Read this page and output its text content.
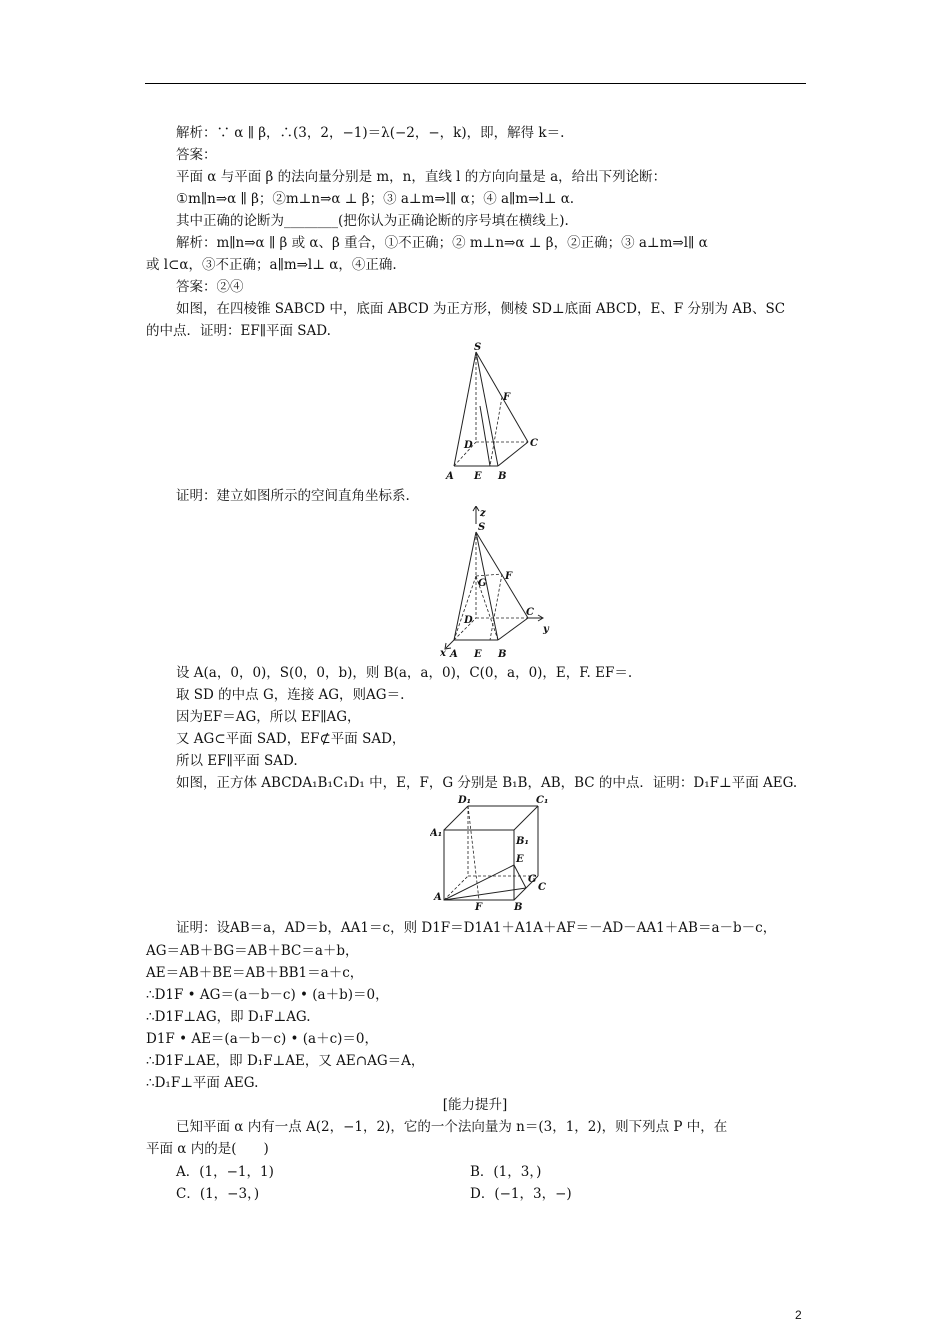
解析：∵ α ∥ β，∴(3，2，−1)＝λ(−2，−，k)，即，解得 k＝.
答案：
平面 α 与平面 β 的法向量分别是 m，n，直线 l 的方向向量是 a，给出下列论断：
①m∥n⇒α ∥ β；②m⊥n⇒α ⊥ β；③ a⊥m⇒l∥ α；④ a∥m⇒l⊥ α.
其中正确的论断为________(把你认为正确论断的序号填在横线上).
解析：m∥n⇒α ∥ β 或 α、β 重合，①不正确；② m⊥n⇒α ⊥ β，②正确；③ a⊥m⇒l∥ α
或 l⊂α，③不正确；a∥m⇒l⊥ α，④正确.
答案：②④
如图，在四棱锥 SABCD 中，底面 ABCD 为正方形，侧棱 SD⊥底面 ABCD，E、F 分别为 AB、SC
的中点．证明：EF∥平面 SAD.
S
F
D	C
A E B
证明：建立如图所示的空间直角坐标系.
z
S
G
F
C
y
D
x A E B
设 A(a，0，0)，S(0，0，b)，则 B(a，a，0)，C(0，a，0)，E，F. EF＝.
取 SD 的中点 G，连接 AG，则AG＝.
因为EF＝AG，所以 EF∥AG，
又 AG⊂平面 SAD，EF⊄平面 SAD，
所以 EF∥平面 SAD.
如图，正方体 ABCDA₁B₁C₁D₁ 中，E，F，G 分别是 B₁B，AB，BC 的中点．证明：D₁F⊥平面 AEG.
D₁	C₁
A₁
B₁
E
C
G
A
F	B
证明：设AB＝a，AD＝b，AA1＝c，则 D1F＝D1A1＋A1A＋AF＝－AD－AA1＋AB＝a－b－c，
AG＝AB＋BG＝AB＋BC＝a＋b，
AE＝AB＋BE＝AB＋BB1＝a＋c，
∴D1F • AG＝(a－b－c) • (a＋b)＝0，
∴D1F⊥AG，即 D₁F⊥AG.
D1F • AE＝(a－b－c) • (a＋c)＝0，
∴D1F⊥AE，即 D₁F⊥AE，又 AE∩AG＝A，
∴D₁F⊥平面 AEG.
[能力提升]
已知平面 α 内有一点 A(2，−1，2)，它的一个法向量为 n＝(3，1，2)，则下列点 P 中，在
平面 α 内的是(　　)
A．(1，−1，1)	B．(1，3，)
C．(1，−3，)	D．(−1，3，−)
2
